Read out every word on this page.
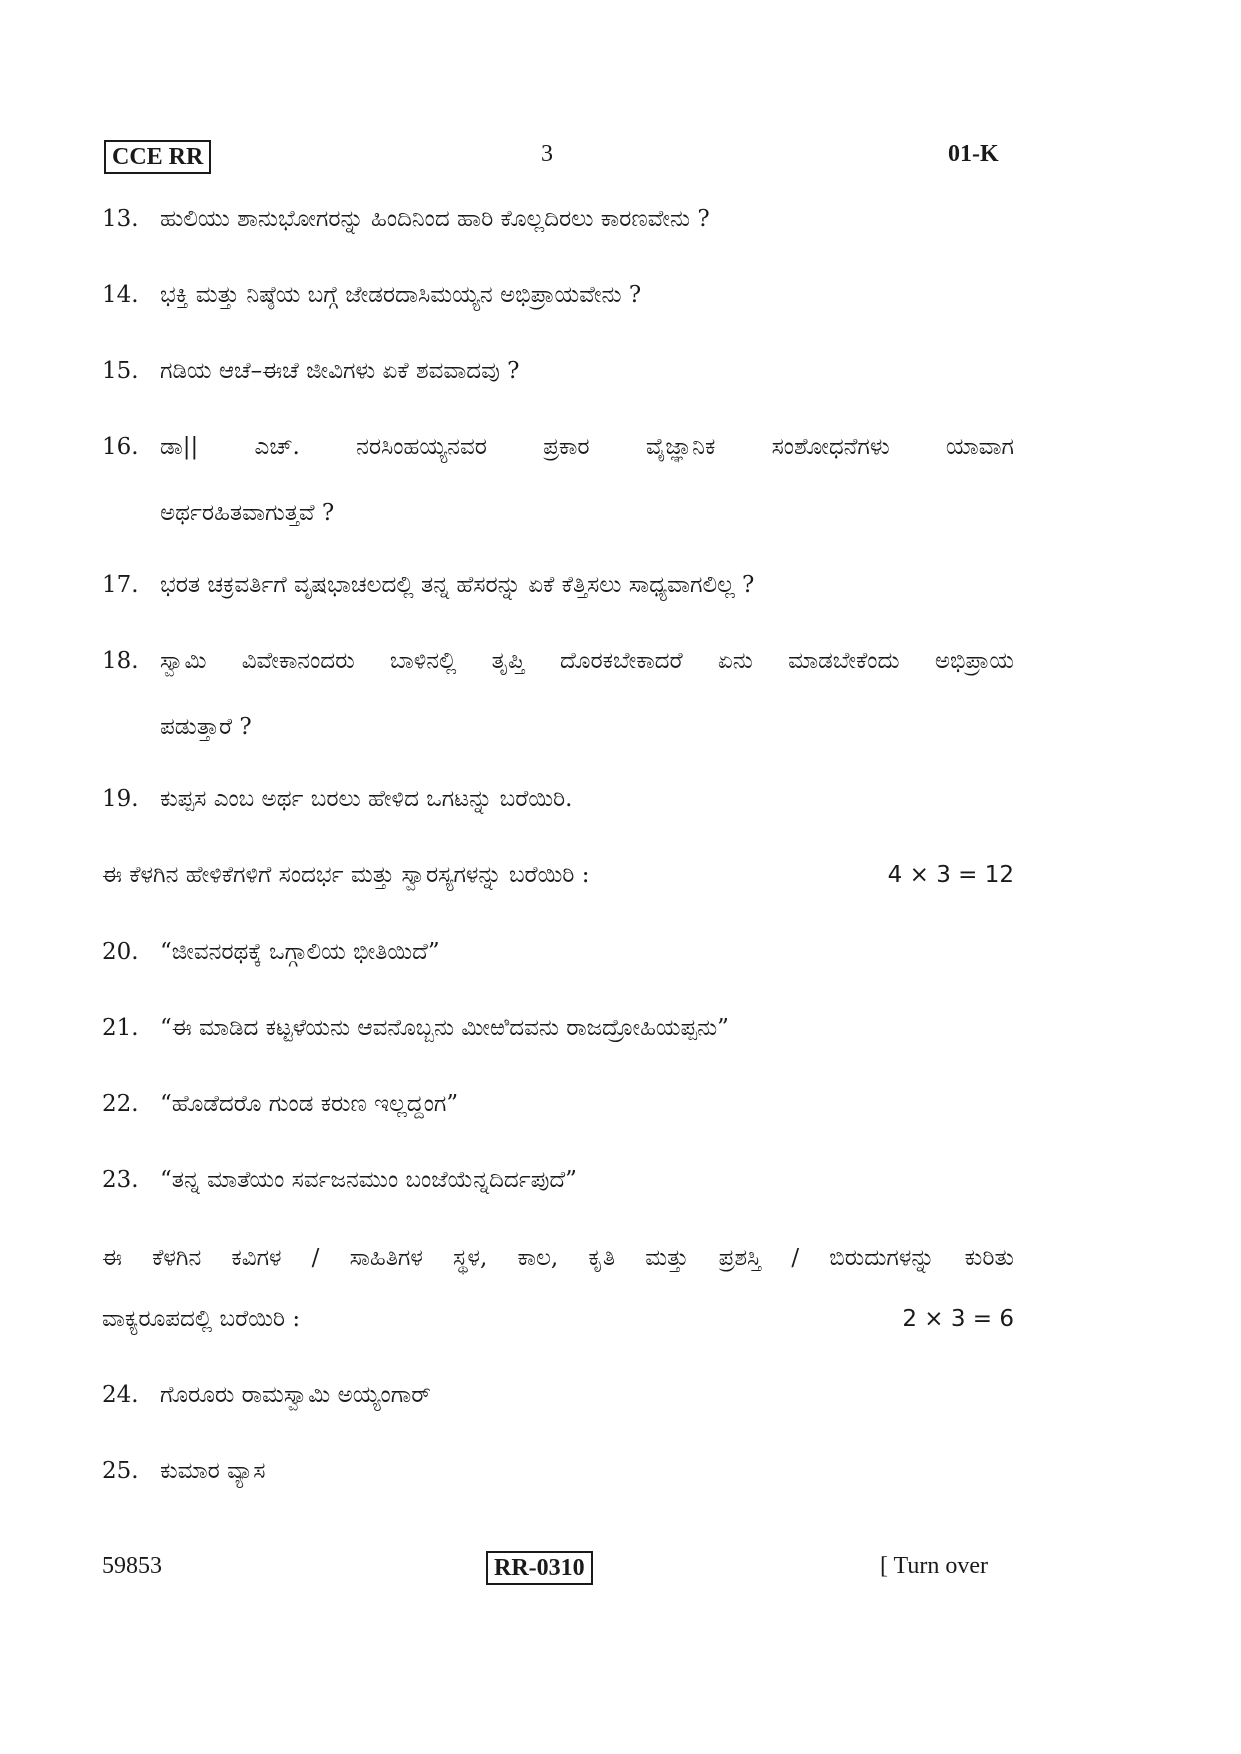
CCE RR	3	01-K
13. ಹುಲಿಯು ಶಾನುಭೋಗರನ್ನು ಹಿಂದಿನಿಂದ ಹಾರಿ ಕೊಲ್ಲದಿರಲು ಕಾರಣವೇನು ?
14. ಭಕ್ತಿ ಮತ್ತು ನಿಷ್ಠೆಯ ಬಗ್ಗೆ ಜೇಡರದಾಸಿಮಯ್ಯನ ಅಭಿಪ್ರಾಯವೇನು ?
15. ಗಡಿಯ ಆಚೆ–ಈಚೆ ಜೀವಿಗಳು ಏಕೆ ಶವವಾದವು ?
16. ಡಾ|| ಎಚ್. ನರಸಿಂಹಯ್ಯನವರ ಪ್ರಕಾರ ವೈಜ್ಞಾನಿಕ ಸಂಶೋಧನೆಗಳು ಯಾವಾಗ
ಅರ್ಥರಹಿತವಾಗುತ್ತವೆ ?
17. ಭರತ ಚಕ್ರವರ್ತಿಗೆ ವೃಷಭಾಚಲದಲ್ಲಿ ತನ್ನ ಹೆಸರನ್ನು ಏಕೆ ಕೆತ್ತಿಸಲು ಸಾಧ್ಯವಾಗಲಿಲ್ಲ ?
18. ಸ್ವಾಮಿ ವಿವೇಕಾನಂದರು ಬಾಳಿನಲ್ಲಿ ತೃಪ್ತಿ ದೊರಕಬೇಕಾದರೆ ಏನು ಮಾಡಬೇಕೆಂದು ಅಭಿಪ್ರಾಯ
ಪಡುತ್ತಾರೆ ?
19. ಕುಪ್ಪಸ ಎಂಬ ಅರ್ಥ ಬರಲು ಹೇಳಿದ ಒಗಟನ್ನು ಬರೆಯಿರಿ.
ಈ ಕೆಳಗಿನ ಹೇಳಿಕೆಗಳಿಗೆ ಸಂದರ್ಭ ಮತ್ತು ಸ್ವಾರಸ್ಯಗಳನ್ನು ಬರೆಯಿರಿ :	4 × 3 = 12
20. “ಜೀವನರಥಕ್ಕೆ ಒಗ್ಗಾಲಿಯ ಭೀತಿಯಿದೆ”
21. “ಈ ಮಾಡಿದ ಕಟ್ಟಳೆಯನು ಆವನೊಬ್ಬನು ಮೀಱಿದವನು ರಾಜದ್ರೋಹಿಯಪ್ಪನು”
22. “ಹೊಡೆದರೊ ಗುಂಡ ಕರುಣ ಇಲ್ಲದ್ದಂಗ”
23. “ತನ್ನ ಮಾತೆಯಂ ಸರ್ವಜನಮುಂ ಬಂಜೆಯೆನ್ನದಿರ್ದಪುದೆ”
ಈ ಕೆಳಗಿನ ಕವಿಗಳ / ಸಾಹಿತಿಗಳ ಸ್ಥಳ, ಕಾಲ, ಕೃತಿ ಮತ್ತು ಪ್ರಶಸ್ತಿ / ಬಿರುದುಗಳನ್ನು ಕುರಿತು
ವಾಕ್ಯರೂಪದಲ್ಲಿ ಬರೆಯಿರಿ :	2 × 3 = 6
24. ಗೊರೂರು ರಾಮಸ್ವಾಮಿ ಅಯ್ಯಂಗಾರ್
25. ಕುಮಾರ ವ್ಯಾಸ
59853	RR-0310	[ Turn over
